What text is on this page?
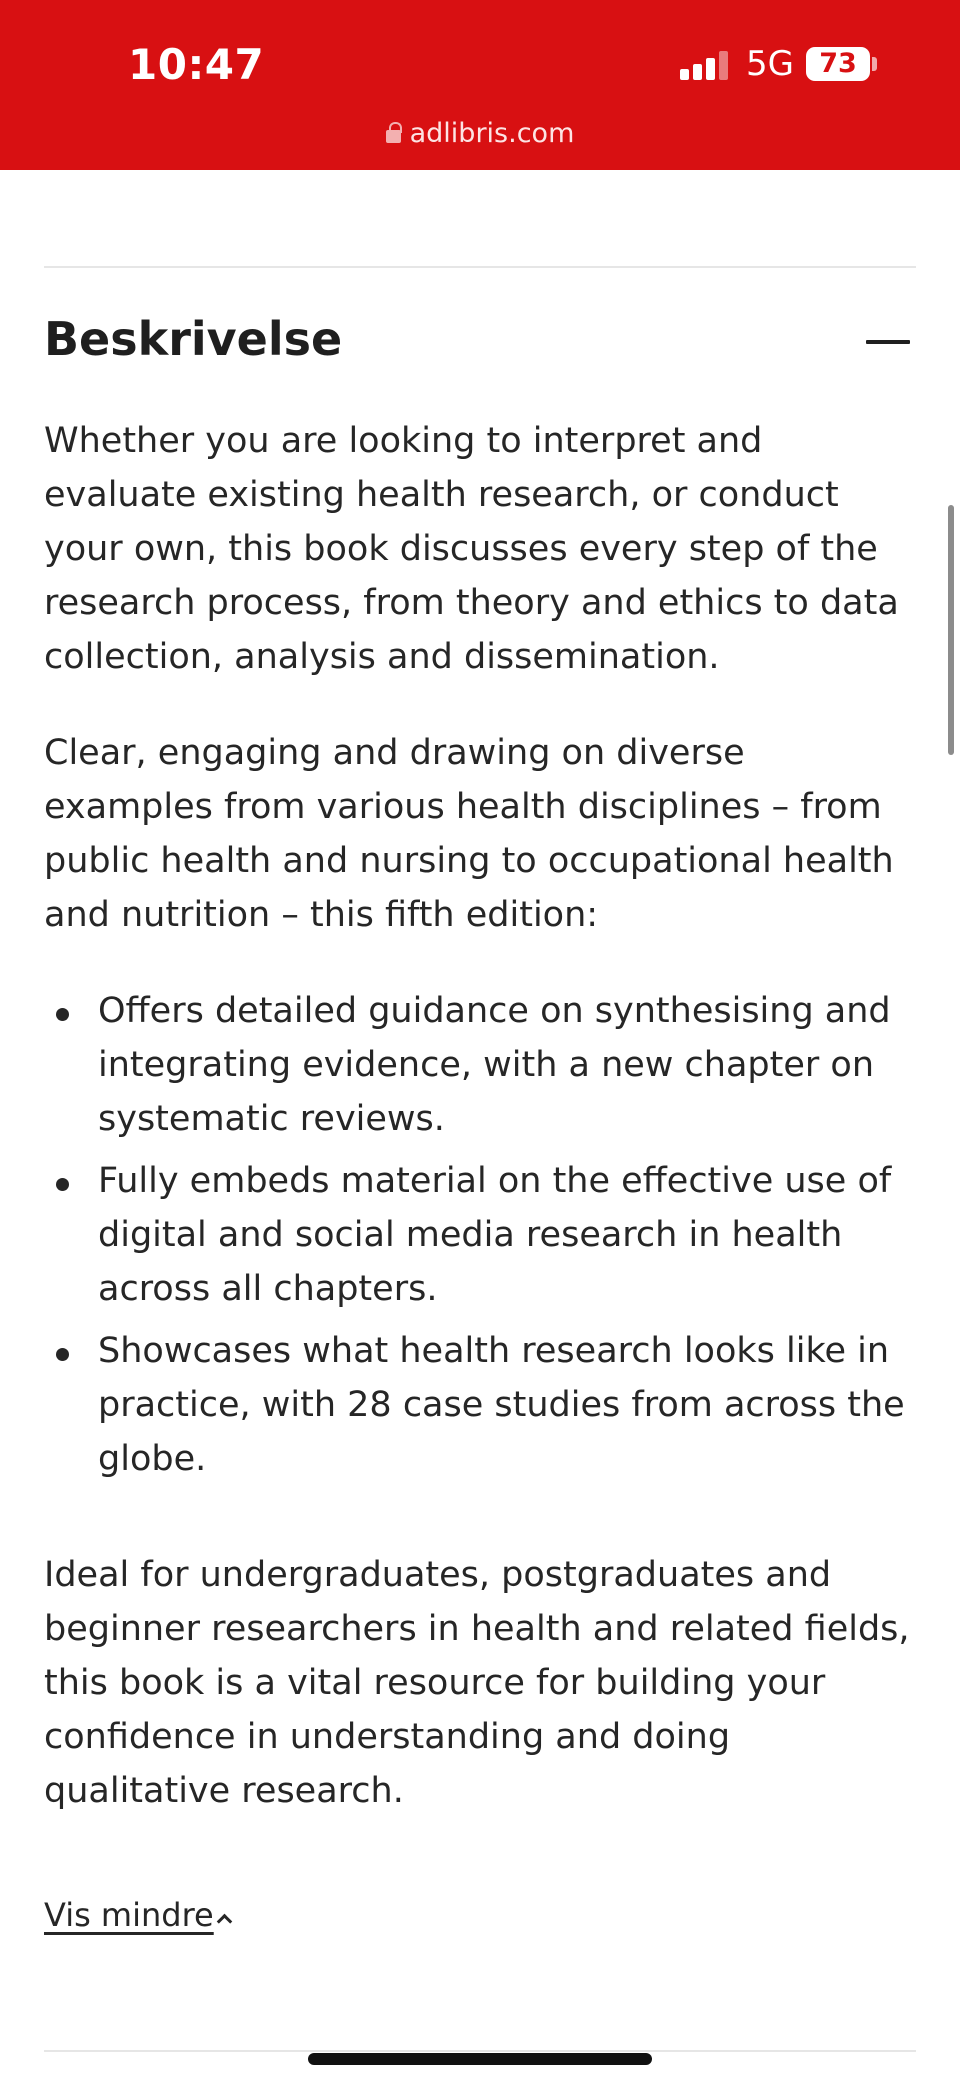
10:47	5G 73
adlibris.com
Beskrivelse

Whether you are looking to interpret and evaluate existing health research, or conduct your own, this book discusses every step of the research process, from theory and ethics to data collection, analysis and dissemination.

Clear, engaging and drawing on diverse examples from various health disciplines – from public health and nursing to occupational health and nutrition – this fifth edition:

Offers detailed guidance on synthesising and integrating evidence, with a new chapter on systematic reviews.
Fully embeds material on the effective use of digital and social media research in health across all chapters.
Showcases what health research looks like in practice, with 28 case studies from across the globe.

Ideal for undergraduates, postgraduates and beginner researchers in health and related fields, this book is a vital resource for building your confidence in understanding and doing qualitative research.

Vis mindre
